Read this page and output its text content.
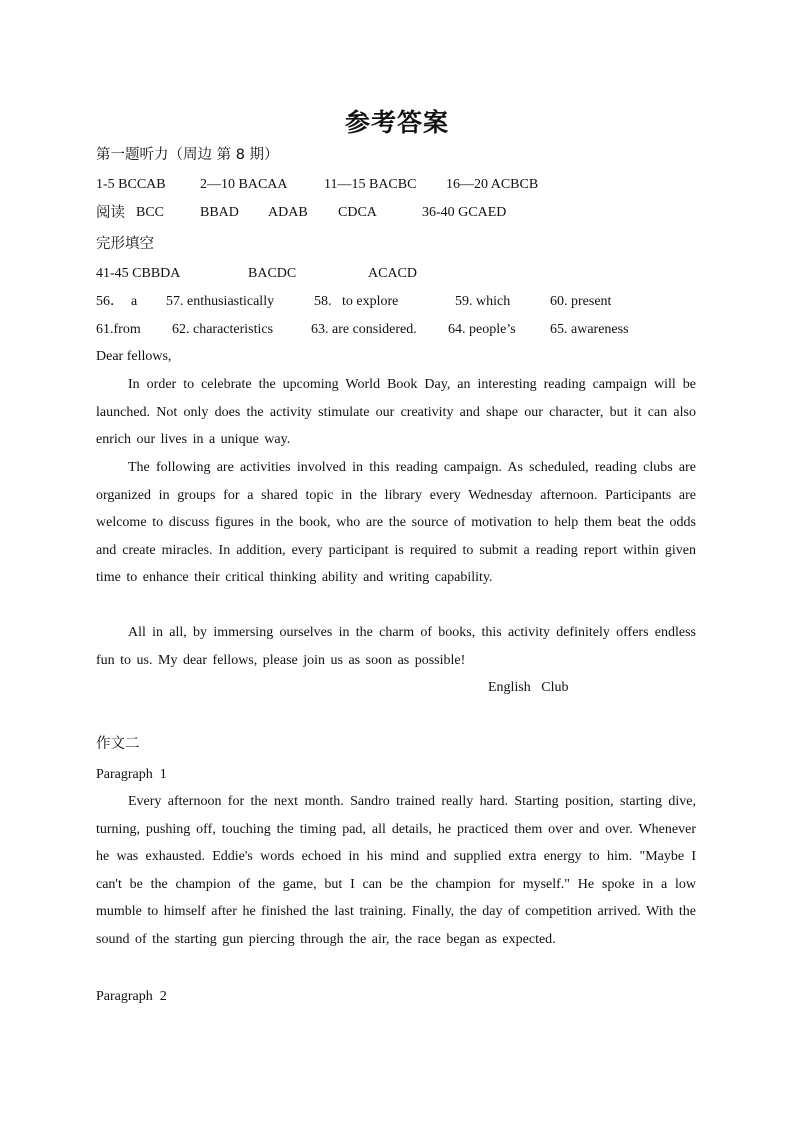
参考答案
第一题听力（周边 第 8 期）
1-5 BCCAB 2—10 BACAA	11—15 BACBC 16—20 ACBCB
阅读 BCC	BBAD ADAB CDCA	36-40 GCAED
完形填空
41-45 CBBDA	BACDC	ACACD
56．  a 57. enthusiastically	58.   to explore	59. which	60. present
61.from 62. characteristics	63. are considered. 64. people’s 65. awareness
Dear fellows,
In order to celebrate the upcoming World Book Day, an interesting reading campaign will be launched. Not only does the activity stimulate our creativity and shape our character, but it can also enrich our lives in a unique way.
The following are activities involved in this reading campaign. As scheduled, reading clubs are organized in groups for a shared topic in the library every Wednesday afternoon. Participants are welcome to discuss figures in the book, who are the source of motivation to help them beat the odds and create miracles. In addition, every participant is required to submit a reading report within given time to enhance their critical thinking ability and writing capability.
All in all, by immersing ourselves in the charm of books, this activity definitely offers endless fun to us. My dear fellows, please join us as soon as possible!
English   Club
作文二
Paragraph  1
Every afternoon for the next month. Sandro trained really hard. Starting position, starting dive, turning, pushing off, touching the timing pad, all details, he practiced them over and over. Whenever he was exhausted. Eddie's words echoed in his mind and supplied extra energy to him. "Maybe I can't be the champion of the game, but I can be the champion for myself." He spoke in a low mumble to himself after he finished the last training. Finally, the day of competition arrived. With the sound of the starting gun piercing through the air, the race began as expected.
Paragraph  2
